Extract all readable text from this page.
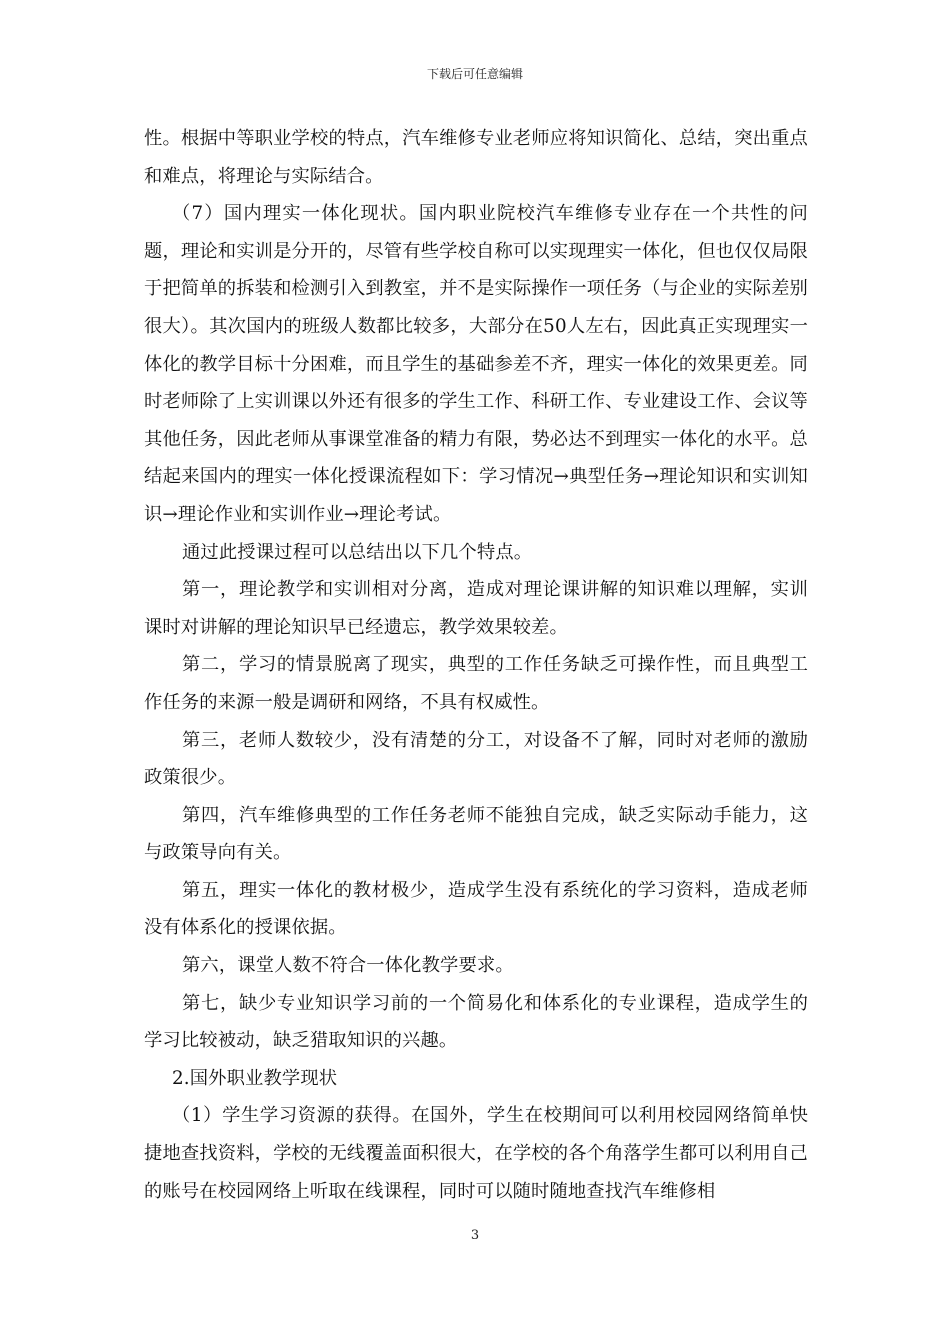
下载后可任意编辑

性。根据中等职业学校的特点，汽车维修专业老师应将知识简化、总结，突出重点和难点，将理论与实际结合。

（7）国内理实一体化现状。国内职业院校汽车维修专业存在一个共性的问题，理论和实训是分开的，尽管有些学校自称可以实现理实一体化，但也仅仅局限于把简单的拆装和检测引入到教室，并不是实际操作一项任务（与企业的实际差别很大）。其次国内的班级人数都比较多，大部分在50人左右，因此真正实现理实一体化的教学目标十分困难，而且学生的基础参差不齐，理实一体化的效果更差。同时老师除了上实训课以外还有很多的学生工作、科研工作、专业建设工作、会议等其他任务，因此老师从事课堂准备的精力有限，势必达不到理实一体化的水平。总结起来国内的理实一体化授课流程如下：学习情况→典型任务→理论知识和实训知识→理论作业和实训作业→理论考试。

通过此授课过程可以总结出以下几个特点。

第一，理论教学和实训相对分离，造成对理论课讲解的知识难以理解，实训课时对讲解的理论知识早已经遗忘，教学效果较差。

第二，学习的情景脱离了现实，典型的工作任务缺乏可操作性，而且典型工作任务的来源一般是调研和网络，不具有权威性。

第三，老师人数较少，没有清楚的分工，对设备不了解，同时对老师的激励政策很少。

第四，汽车维修典型的工作任务老师不能独自完成，缺乏实际动手能力，这与政策导向有关。

第五，理实一体化的教材极少，造成学生没有系统化的学习资料，造成老师没有体系化的授课依据。

第六，课堂人数不符合一体化教学要求。

第七，缺少专业知识学习前的一个简易化和体系化的专业课程，造成学生的学习比较被动，缺乏猎取知识的兴趣。

2.国外职业教学现状

（1）学生学习资源的获得。在国外，学生在校期间可以利用校园网络简单快捷地查找资料，学校的无线覆盖面积很大，在学校的各个角落学生都可以利用自己的账号在校园网络上听取在线课程，同时可以随时随地查找汽车维修相

3
